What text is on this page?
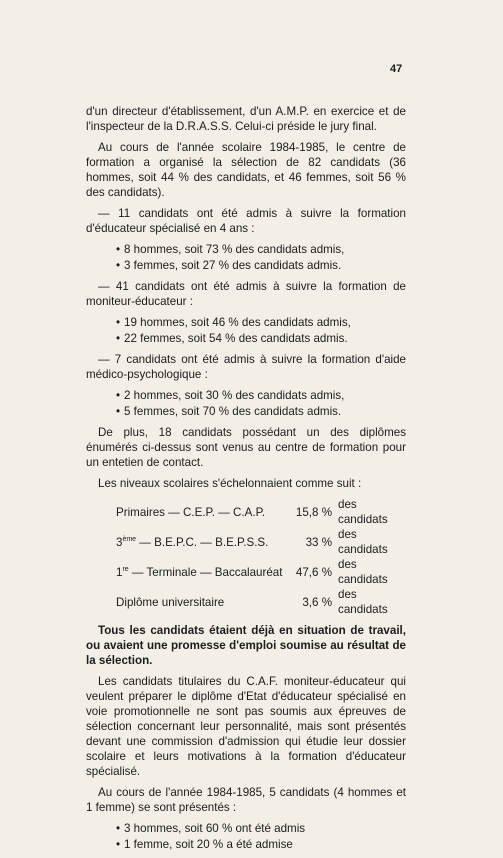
47

d'un directeur d'établissement, d'un A.M.P. en exercice et de l'inspecteur de la D.R.A.S.S. Celui-ci préside le jury final.

Au cours de l'année scolaire 1984-1985, le centre de formation a organisé la sélection de 82 candidats (36 hommes, soit 44 % des candidats, et 46 femmes, soit 56 % des candidats).

— 11 candidats ont été admis à suivre la formation d'éducateur spécialisé en 4 ans :

• 8 hommes, soit 73 % des candidats admis,
• 3 femmes, soit 27 % des candidats admis.

— 41 candidats ont été admis à suivre la formation de moniteur-éducateur :

• 19 hommes, soit 46 % des candidats admis,
• 22 femmes, soit 54 % des candidats admis.

— 7 candidats ont été admis à suivre la formation d'aide médico-psychologique :

• 2 hommes, soit 30 % des candidats admis,
• 5 femmes, soit 70 % des candidats admis.

De plus, 18 candidats possédant un des diplômes énumérés ci-dessus sont venus au centre de formation pour un entetien de contact.

Les niveaux scolaires s'échelonnaient comme suit :

Primaires — C.E.P. — C.A.P.	15,8 %	des candidats
3ème — B.E.P.C. — B.E.P.S.S.	33 %	des candidats
1re — Terminale — Baccalauréat	47,6 %	des candidats
Diplôme universitaire	3,6 %	des candidats

Tous les candidats étaient déjà en situation de travail, ou avaient une promesse d'emploi soumise au résultat de la sélection.

Les candidats titulaires du C.A.F. moniteur-éducateur qui veulent préparer le diplôme d'Etat d'éducateur spécialisé en voie promotionnelle ne sont pas soumis aux épreuves de sélection concernant leur personnalité, mais sont présentés devant une commission d'admission qui étudie leur dossier scolaire et leurs motivations à la formation d'éducateur spécialisé.

Au cours de l'année 1984-1985, 5 candidats (4 hommes et 1 femme) se sont présentés :

• 3 hommes, soit 60 % ont été admis
• 1 femme, soit 20 % a été admise
